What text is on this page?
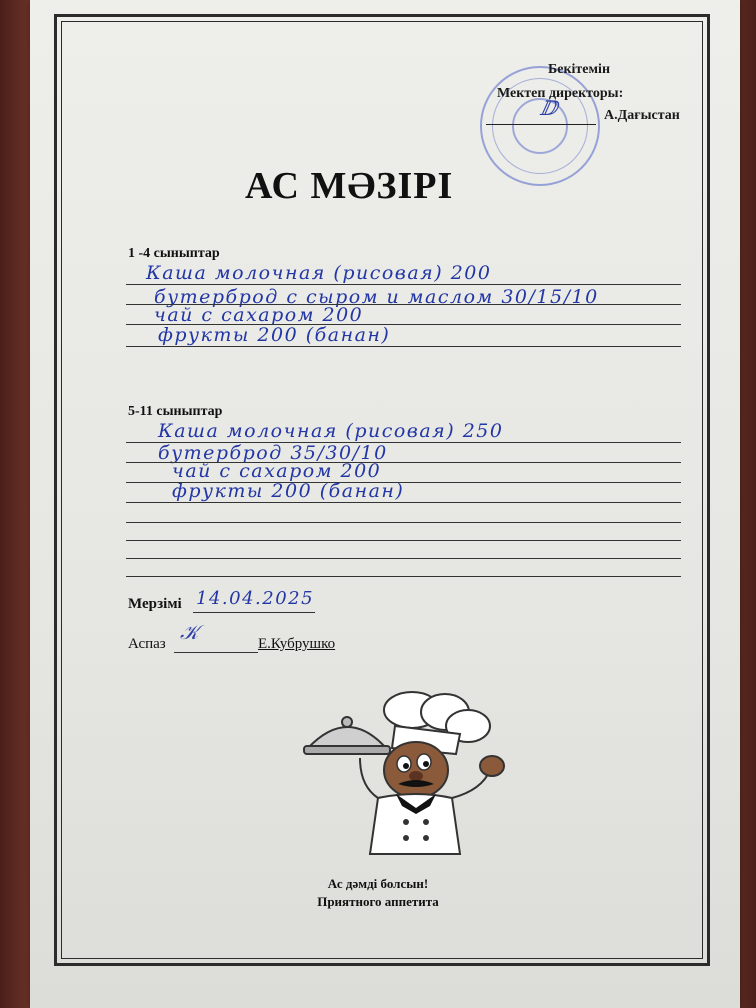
Бекітемін
Мектеп директоры:
ⅅ	А.Дағыстан
АС МӘЗІРІ
1 -4 сыныптар
Каша молочная (рисовая) 200
бутерброд с сыром и маслом 30/15/10
чай с сахаром 200
фрукты 200 (банан)
5-11 сыныптар
Каша молочная (рисовая) 250
бутерброд 35/30/10
чай с сахаром 200
фрукты 200 (банан)
Мерзімі 14.04.2025
Аспаз 𝒦	Е.Кубрушко
Ас дәмді болсын!
Приятного аппетита
